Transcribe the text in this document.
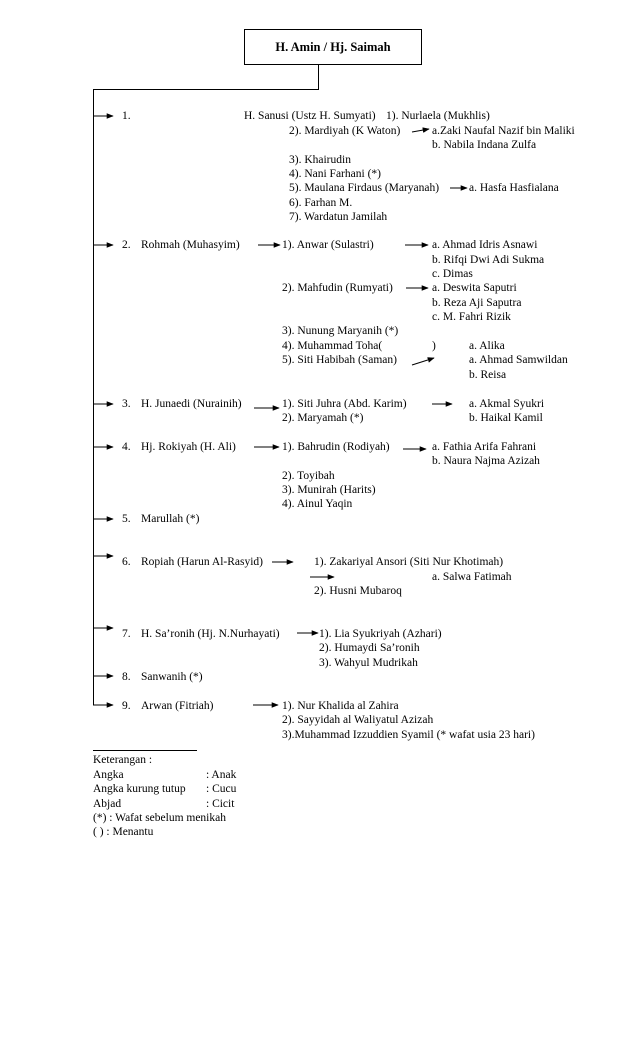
H. Amin / Hj. Saimah
1.	H. Sanusi (Ustz H. Sumyati) 1). Nurlaela (Mukhlis)
2). Mardiyah (K Waton)	a.Zaki Naufal Nazif bin Maliki
b. Nabila Indana Zulfa
3). Khairudin
4). Nani Farhani (*)
5). Maulana Firdaus (Maryanah)	a. Hasfa Hasfialana
6). Farhan M.
7). Wardatun Jamilah
2. Rohmah (Muhasyim)	1). Anwar (Sulastri)	a. Ahmad Idris Asnawi
b. Rifqi Dwi Adi Sukma
c. Dimas
2). Mahfudin (Rumyati)	a. Deswita Saputri
b. Reza Aji Saputra
c. M. Fahri Rizik
3). Nunung Maryanih (*)
4). Muhammad Toha(	)	a. Alika
5). Siti Habibah (Saman)	a. Ahmad Samwildan
b. Reisa
3. H. Junaedi (Nurainih)	1). Siti Juhra (Abd. Karim)	a. Akmal Syukri
2). Maryamah (*)	b. Haikal Kamil
4. Hj. Rokiyah (H. Ali)	1). Bahrudin (Rodiyah)	a. Fathia Arifa Fahrani
b. Naura Najma Azizah
2). Toyibah
3). Munirah (Harits)
4). Ainul Yaqin
5. Marullah (*)
6. Ropiah (Harun Al-Rasyid)	1). Zakariyal Ansori (Siti Nur Khotimah)
a. Salwa Fatimah
2). Husni Mubaroq
7. H. Sa’ronih (Hj. N.Nurhayati)	1). Lia Syukriyah (Azhari)
2). Humaydi Sa’ronih
3). Wahyul Mudrikah
8. Sanwanih (*)
9. Arwan (Fitriah)	1). Nur Khalida al Zahira
2). Sayyidah al Waliyatul Azizah
3).Muhammad Izzuddien Syamil (* wafat usia 23 hari)
Keterangan :
Angka	: Anak
Angka kurung tutup : Cucu
Abjad	: Cicit
(*) : Wafat sebelum menikah
( ) : Menantu
